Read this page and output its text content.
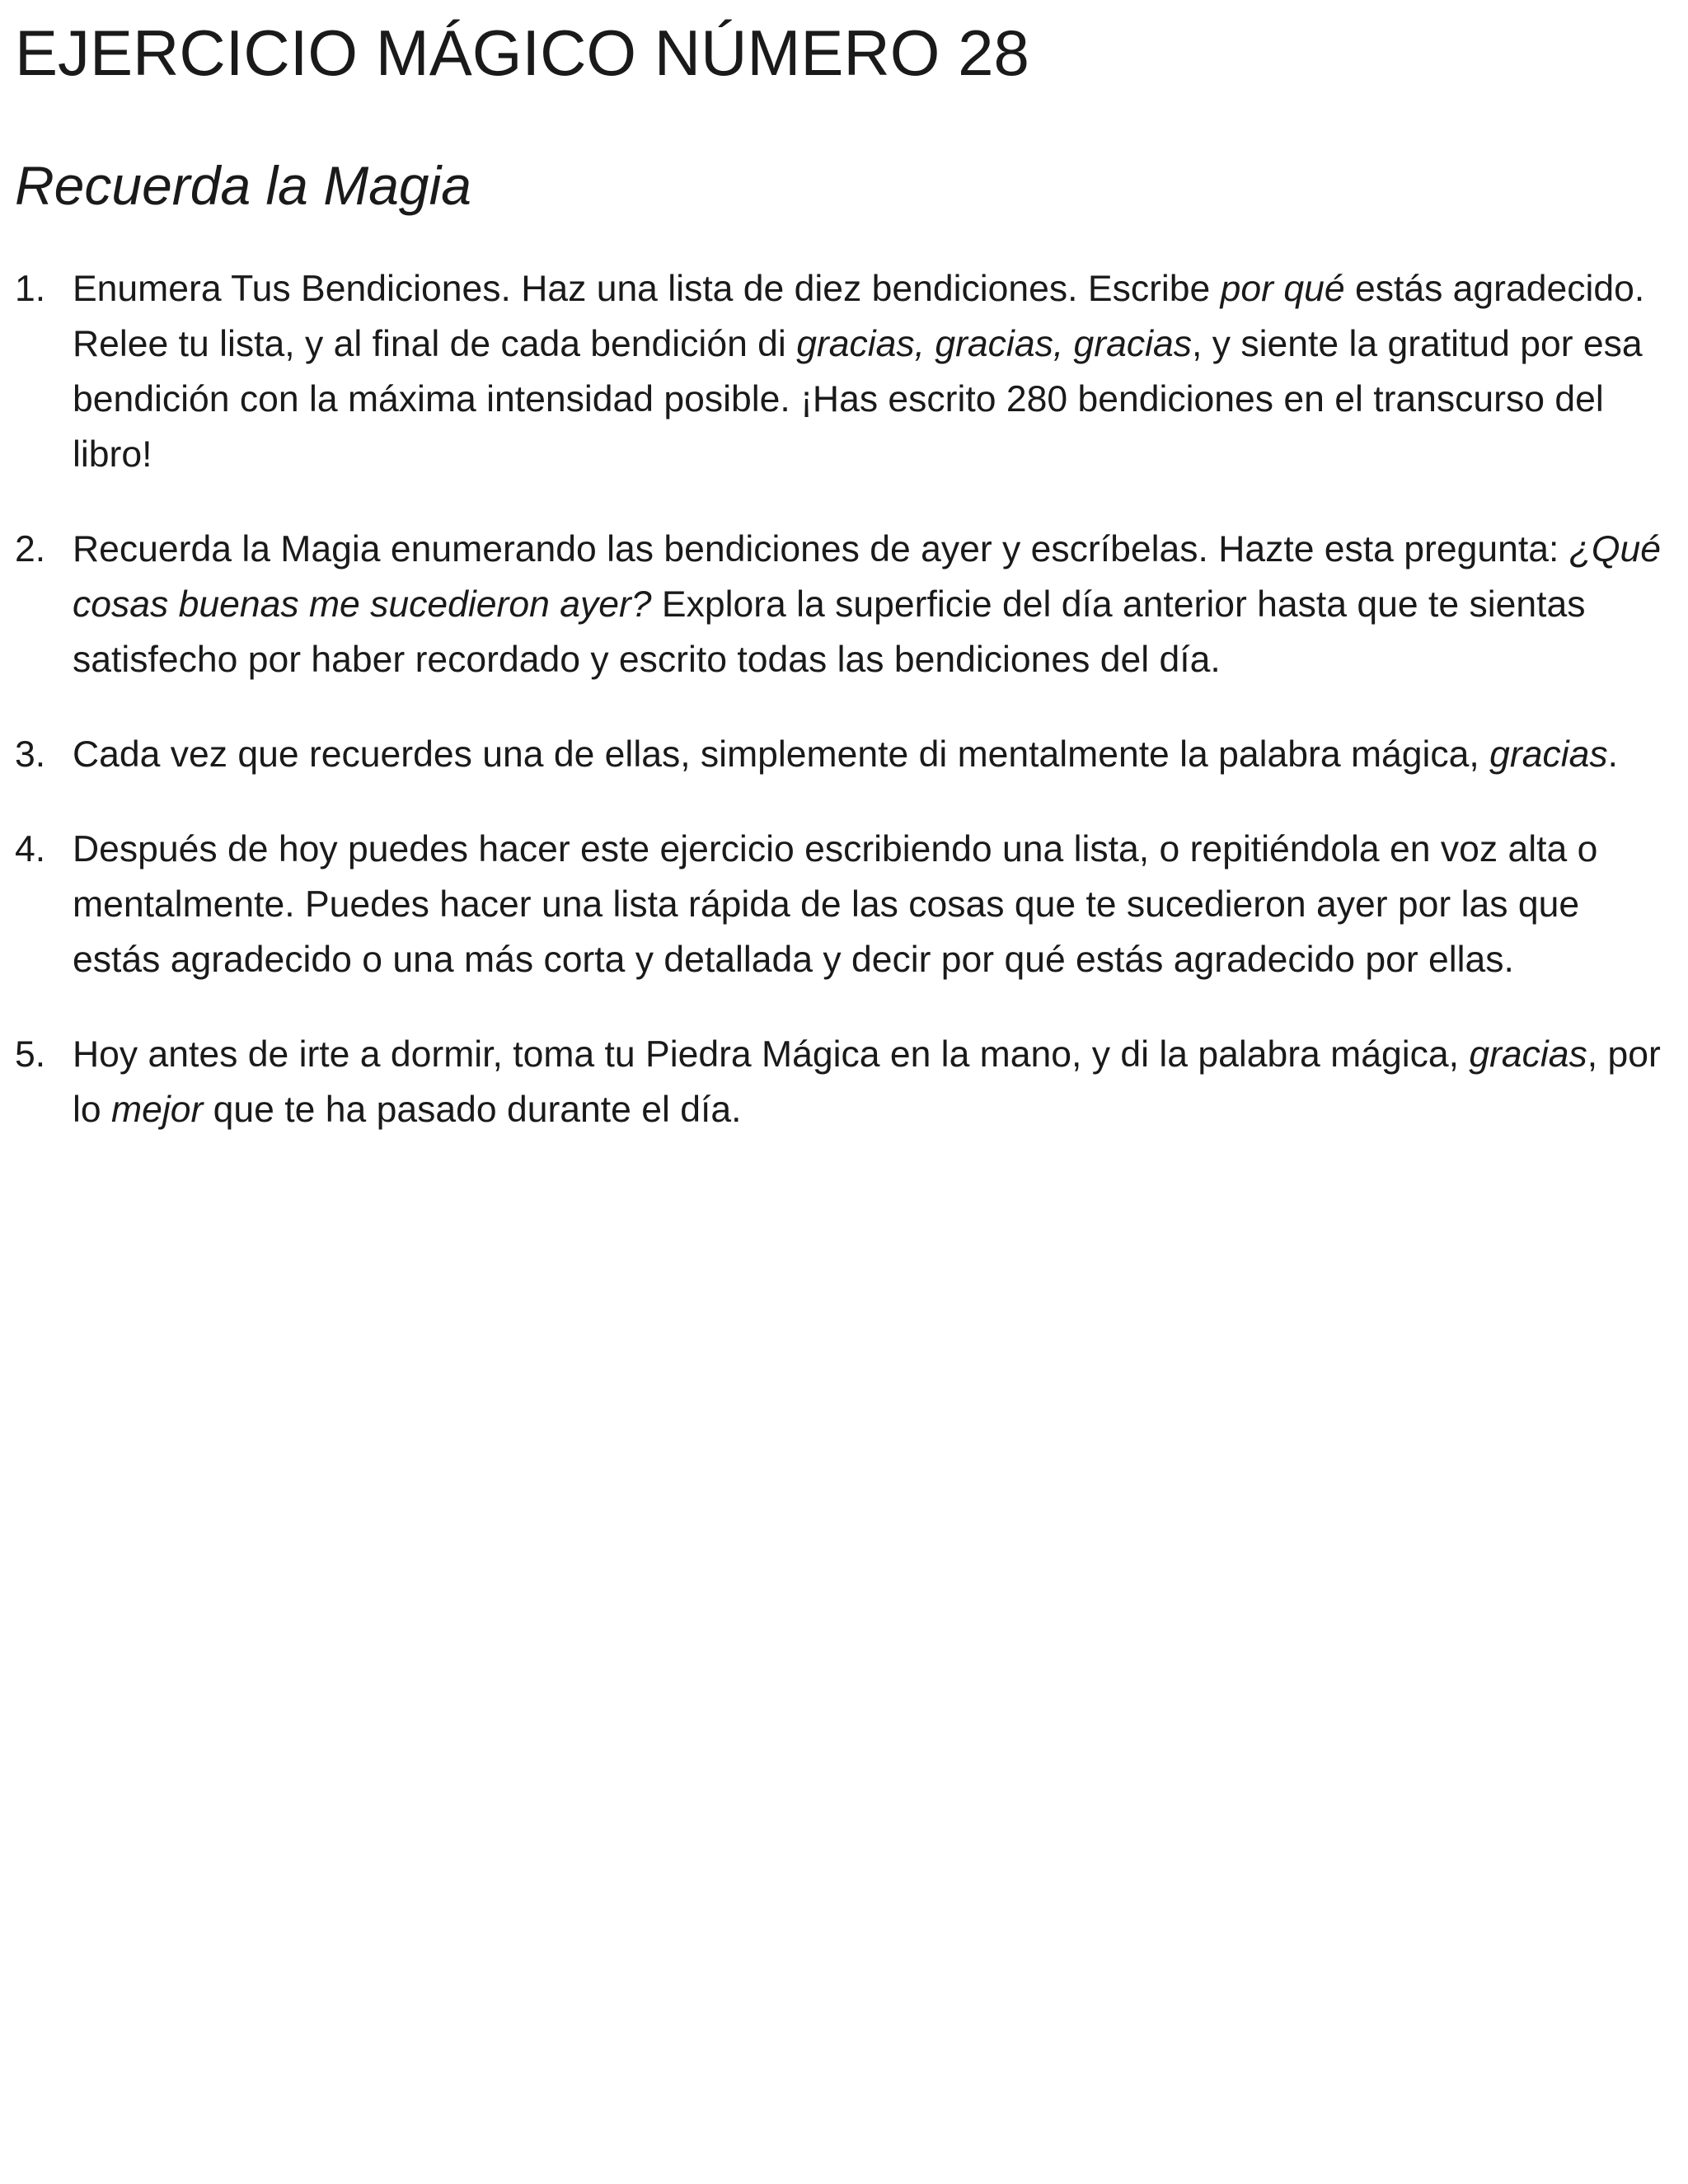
EJERCICIO MÁGICO NÚMERO 28
Recuerda la Magia
1. Enumera Tus Bendiciones. Haz una lista de diez bendiciones. Escribe por qué estás agradecido. Relee tu lista, y al final de cada bendición di gracias, gracias, gracias, y siente la gratitud por esa bendición con la máxima intensidad posible. ¡Has escrito 280 bendiciones en el transcurso del libro!
2. Recuerda la Magia enumerando las bendiciones de ayer y escríbelas. Hazte esta pregunta: ¿Qué cosas buenas me sucedieron ayer? Explora la superficie del día anterior hasta que te sientas satisfecho por haber recordado y escrito todas las bendiciones del día.
3. Cada vez que recuerdes una de ellas, simplemente di mentalmente la palabra mágica, gracias.
4. Después de hoy puedes hacer este ejercicio escribiendo una lista, o repitiéndola en voz alta o mentalmente. Puedes hacer una lista rápida de las cosas que te sucedieron ayer por las que estás agradecido o una más corta y detallada y decir por qué estás agradecido por ellas.
5. Hoy antes de irte a dormir, toma tu Piedra Mágica en la mano, y di la palabra mágica, gracias, por lo mejor que te ha pasado durante el día.
